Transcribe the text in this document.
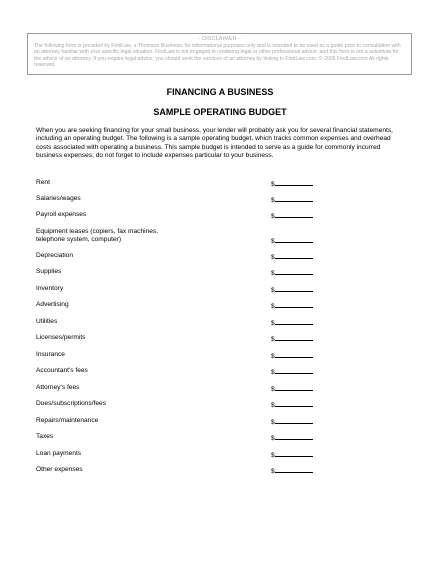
- DISCLAIMER -
The following form is provided by FindLaw, a Thomson Business, for informational purposes only and is intended to be used as a guide prior to consultation with an attorney familiar with your specific legal situation. FindLaw is not engaged in rendering legal or other professional advice, and this form is not a substitute for the advice of an attorney. If you require legal advice, you should seek the services of an attorney by linking to FindLaw.com. © 2005 FindLaw.com All rights reserved.
FINANCING A BUSINESS
SAMPLE OPERATING BUDGET
When you are seeking financing for your small business, your lender will probably ask you for several financial statements, including an operating budget. The following is a sample operating budget, which tracks common expenses and overhead costs associated with operating a business. This sample budget is intended to serve as a guide for commonly incurred business expenses; do not forget to include expenses particular to your business.
Rent	$
Salaries/wages	$
Payroll expenses	$
Equipment leases (copiers, fax machines, telephone system, computer)	$
Depreciation	$
Supplies	$
Inventory	$
Advertising	$
Utilities	$
Licenses/permits	$
Insurance	$
Accountant's fees	$
Attorney's fees	$
Dues/subscriptions/fees	$
Repairs/maintenance	$
Taxes	$
Loan payments	$
Other expenses	$
